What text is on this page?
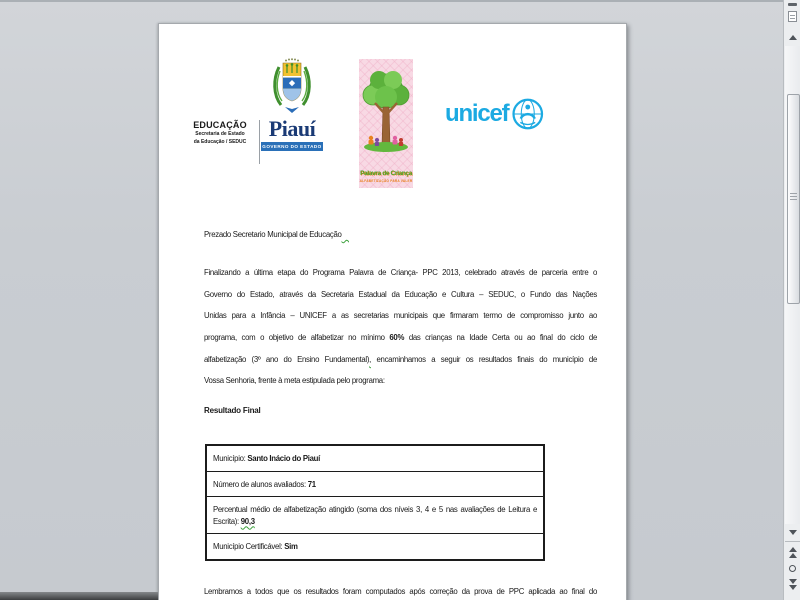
EDUCAÇÃO
Secretaria de Estado
da Educação / SEDUC
Piauí
GOVERNO DO ESTADO
Palavra de Criança
ALFABETIZAÇÃO PARA VALER
unicef
Prezado Secretario Municipal de Educação
Finalizando a última etapa do Programa Palavra de Criança- PPC 2013, celebrado através de parceria entre o
Governo do Estado, através da Secretaria Estadual da Educação e Cultura – SEDUC, o Fundo das Nações
Unidas para a Infância – UNICEF a as secretarias municipais que firmaram termo de compromisso junto ao
programa, com o objetivo de alfabetizar no mínimo 60% das crianças na Idade Certa ou ao final do ciclo de
alfabetização (3º ano do Ensino Fundamental), encaminhamos a seguir os resultados finais do município de
Vossa Senhoria, frente à meta estipulada pelo programa:
Resultado Final
Município: Santo Inácio do Piauí
Número de alunos avaliados: 71
Percentual médio de alfabetização atingido (soma dos níveis 3, 4 e 5 nas avaliações de Leitura e Escrita): 90,3
Município Certificável: Sim
Lembramos a todos que os resultados foram computados após correção da prova de PPC aplicada ao final do
